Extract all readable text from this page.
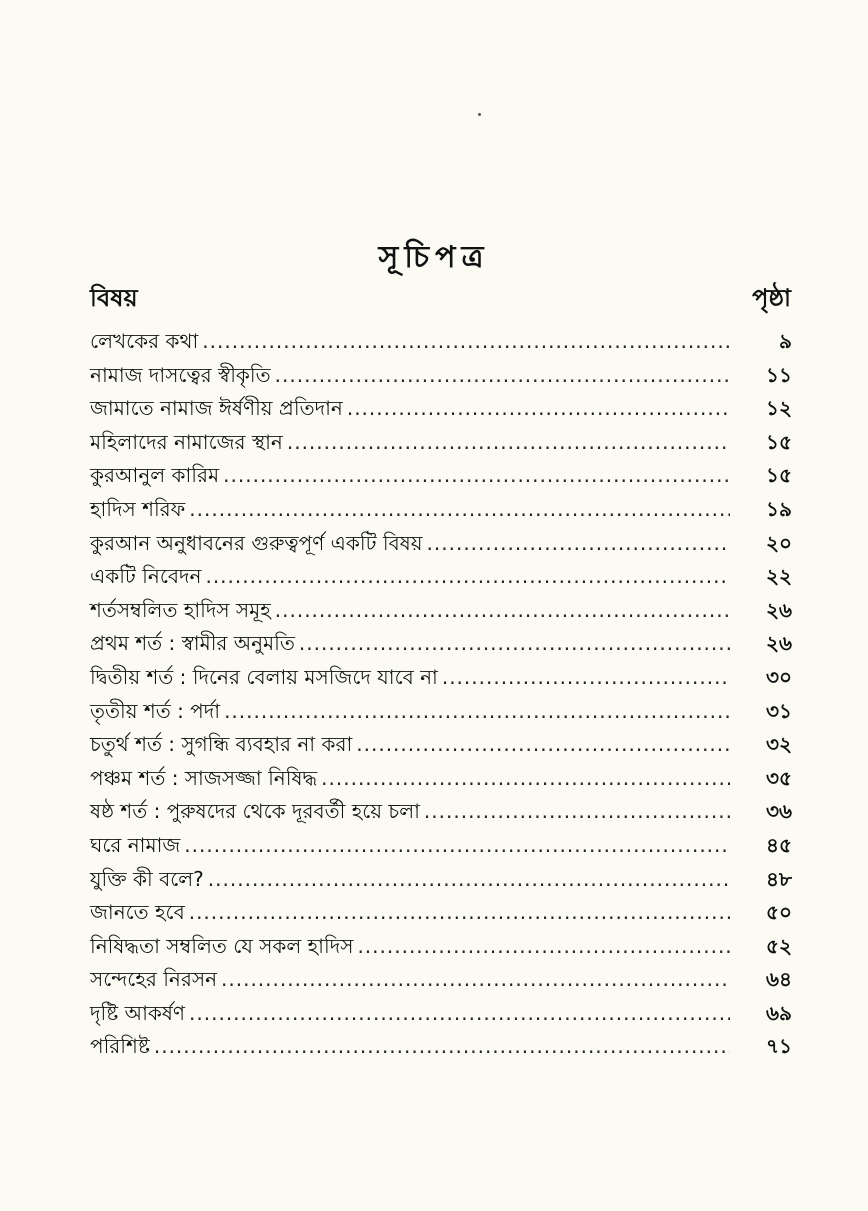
সূচিপত্র
বিষয়	পৃষ্ঠা
লেখকের কথা .....	৯
নামাজ দাসত্বের স্বীকৃতি .....	১১
জামাতে নামাজ ঈর্ষণীয় প্রতিদান .....	১২
মহিলাদের নামাজের স্থান .....	১৫
কুরআনুল কারিম .....	১৫
হাদিস শরিফ .....	১৯
কুরআন অনুধাবনের গুরুত্বপূর্ণ একটি বিষয় .....	২০
একটি নিবেদন .....	২২
শর্তসম্বলিত হাদিস সমূহ .....	২৬
প্রথম শর্ত : স্বামীর অনুমতি .....	২৬
দ্বিতীয় শর্ত : দিনের বেলায় মসজিদে যাবে না .....	৩০
তৃতীয় শর্ত : পর্দা .....	৩১
চতুর্থ শর্ত : সুগন্ধি ব্যবহার না করা .....	৩২
পঞ্চম শর্ত : সাজসজ্জা নিষিদ্ধ .....	৩৫
ষষ্ঠ শর্ত : পুরুষদের থেকে দূরবর্তী হয়ে চলা .....	৩৬
ঘরে নামাজ .....	৪৫
যুক্তি কী বলে? .....	৪৮
জানতে হবে .....	৫০
নিষিদ্ধতা সম্বলিত যে সকল হাদিস .....	৫২
সন্দেহের নিরসন .....	৬৪
দৃষ্টি আকর্ষণ .....	৬৯
পরিশিষ্ট .....	৭১
